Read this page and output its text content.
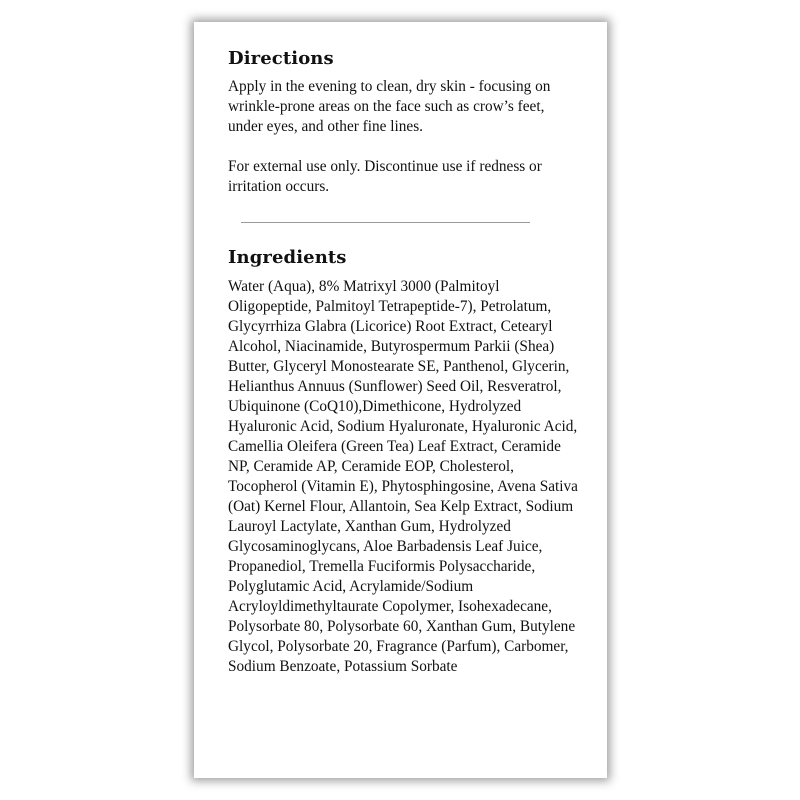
Directions

Apply in the evening to clean, dry skin - focusing on wrinkle-prone areas on the face such as crow’s feet, under eyes, and other fine lines.

For external use only. Discontinue use if redness or irritation occurs.

Ingredients

Water (Aqua), 8% Matrixyl 3000 (Palmitoyl Oligopeptide, Palmitoyl Tetrapeptide-7), Petrolatum, Glycyrrhiza Glabra (Licorice) Root Extract, Cetearyl Alcohol, Niacinamide, Butyrospermum Parkii (Shea) Butter, Glyceryl Monostearate SE, Panthenol, Glycerin, Helianthus Annuus (Sunflower) Seed Oil, Resveratrol, Ubiquinone (CoQ10),Dimethicone, Hydrolyzed Hyaluronic Acid, Sodium Hyaluronate, Hyaluronic Acid, Camellia Oleifera (Green Tea) Leaf Extract, Ceramide NP, Ceramide AP, Ceramide EOP, Cholesterol, Tocopherol (Vitamin E), Phytosphingosine, Avena Sativa (Oat) Kernel Flour, Allantoin, Sea Kelp Extract, Sodium Lauroyl Lactylate, Xanthan Gum, Hydrolyzed Glycosaminoglycans, Aloe Barbadensis Leaf Juice, Propanediol, Tremella Fuciformis Polysaccharide, Polyglutamic Acid, Acrylamide/Sodium Acryloyldimethyltaurate Copolymer, Isohexadecane, Polysorbate 80, Polysorbate 60, Xanthan Gum, Butylene Glycol, Polysorbate 20, Fragrance (Parfum), Carbomer, Sodium Benzoate, Potassium Sorbate
